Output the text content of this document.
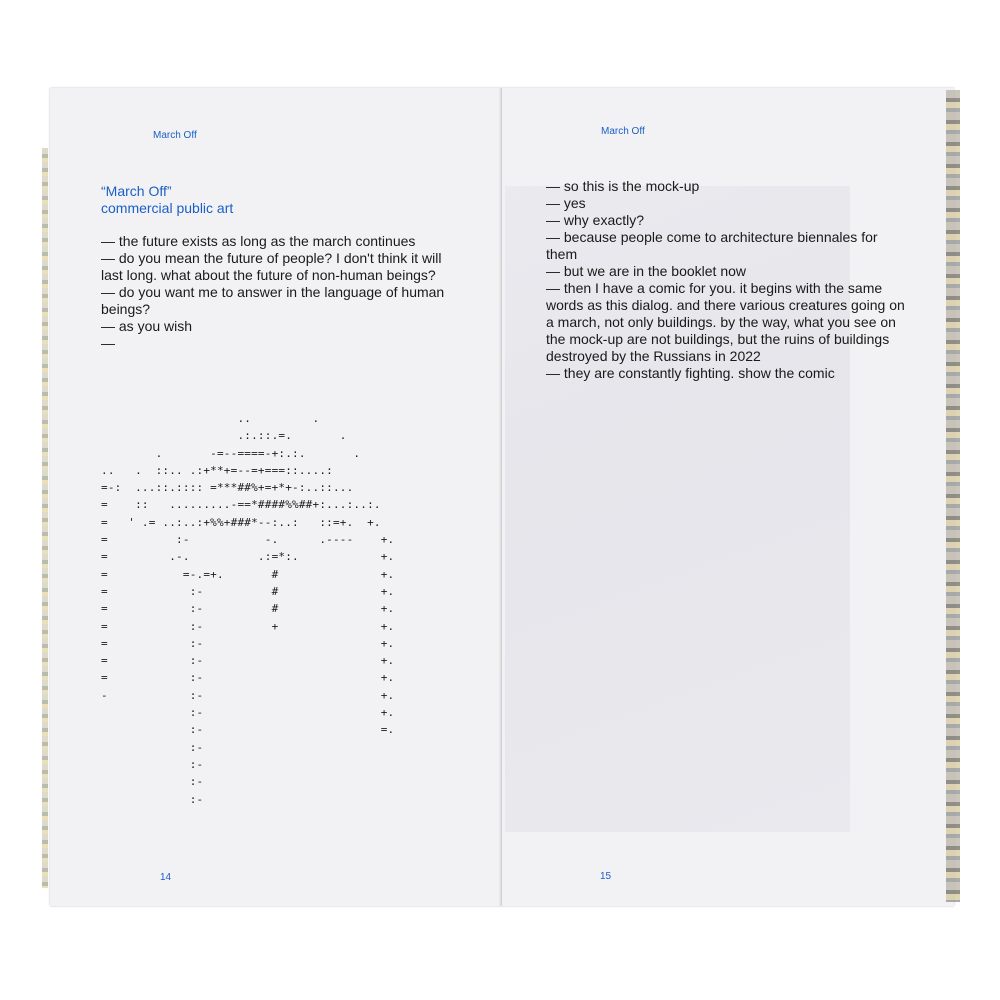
March Off
“March Off”
commercial public art
— the future exists as long as the march continues
— do you mean the future of people? I don't think it will last long. what about the future of non-human beings?
— do you want me to answer in the language of human beings?
— as you wish
—
..         .
.:.::.=.       .
.       -=--====-+:.:.       .
..   .  ::.. .:+**+=--=+===::....:
=-:  ...::.:::: =***##%+=+*+-:..::...
=    ::   .........-==*####%%##+:...:..:.
=   ' .= ..:..:+%%+###*--:..:   ::=+.  +.
=          :-           -.      .----    +.
=         .-.          .:=*:.            +.
=           =-.=+.       #               +.
=            :-          #               +.
=            :-          #               +.
=            :-          +               +.
=            :-                          +.
=            :-                          +.
=            :-                          +.
-            :-                          +.
:-                          +.
:-                          =.
:-
:-
:-
:-
14
March Off
— so this is the mock-up
— yes
— why exactly?
— because people come to architecture biennales for them
— but we are in the booklet now
— then I have a comic for you. it begins with the same words as this dialog. and there various creatures going on a march, not only buildings. by the way, what you see on the mock-up are not buildings, but the ruins of buildings destroyed by the Russians in 2022
— they are constantly fighting. show the comic
15
